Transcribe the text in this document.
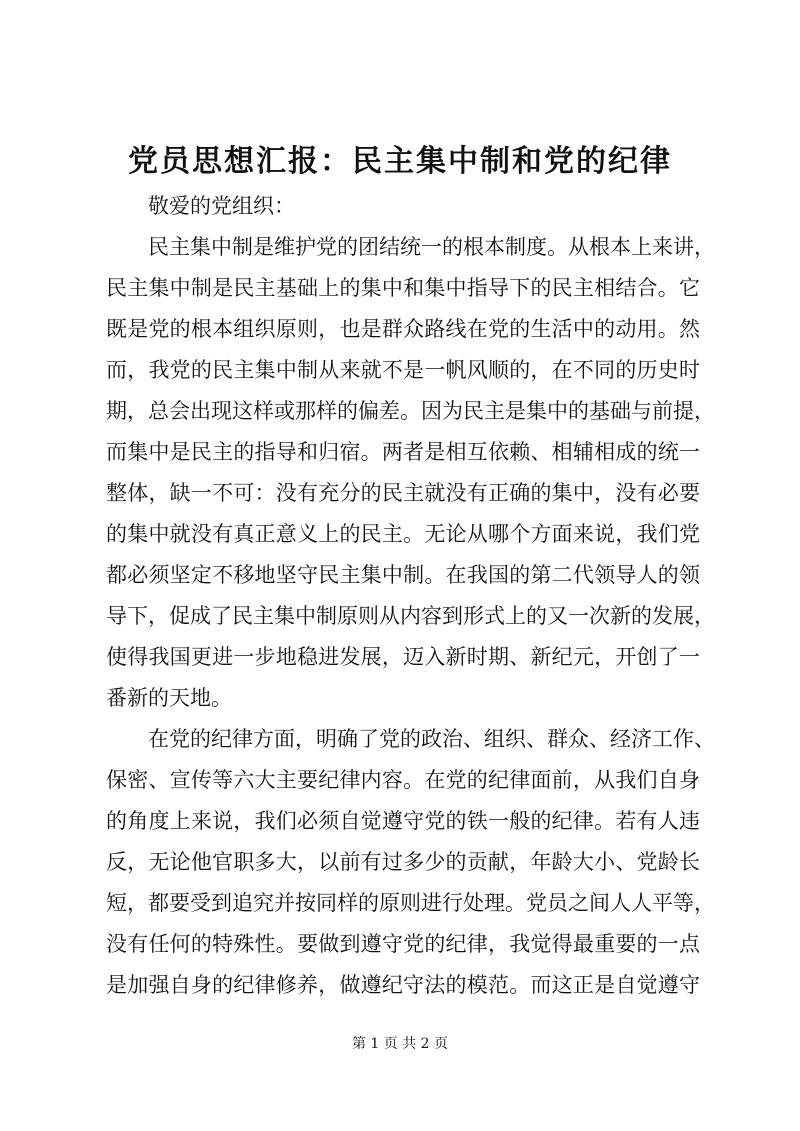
党员思想汇报：民主集中制和党的纪律
敬爱的党组织：
民主集中制是维护党的团结统一的根本制度。从根本上来讲，
民主集中制是民主基础上的集中和集中指导下的民主相结合。它
既是党的根本组织原则，也是群众路线在党的生活中的动用。然
而，我党的民主集中制从来就不是一帆风顺的，在不同的历史时
期，总会出现这样或那样的偏差。因为民主是集中的基础与前提，
而集中是民主的指导和归宿。两者是相互依赖、相辅相成的统一
整体，缺一不可：没有充分的民主就没有正确的集中，没有必要
的集中就没有真正意义上的民主。无论从哪个方面来说，我们党
都必须坚定不移地坚守民主集中制。在我国的第二代领导人的领
导下，促成了民主集中制原则从内容到形式上的又一次新的发展，
使得我国更进一步地稳进发展，迈入新时期、新纪元，开创了一
番新的天地。
在党的纪律方面，明确了党的政治、组织、群众、经济工作、
保密、宣传等六大主要纪律内容。在党的纪律面前，从我们自身
的角度上来说，我们必须自觉遵守党的铁一般的纪律。若有人违
反，无论他官职多大，以前有过多少的贡献，年龄大小、党龄长
短，都要受到追究并按同样的原则进行处理。党员之间人人平等，
没有任何的特殊性。要做到遵守党的纪律，我觉得最重要的一点
是加强自身的纪律修养，做遵纪守法的模范。而这正是自觉遵守
第 1 页 共 2 页
